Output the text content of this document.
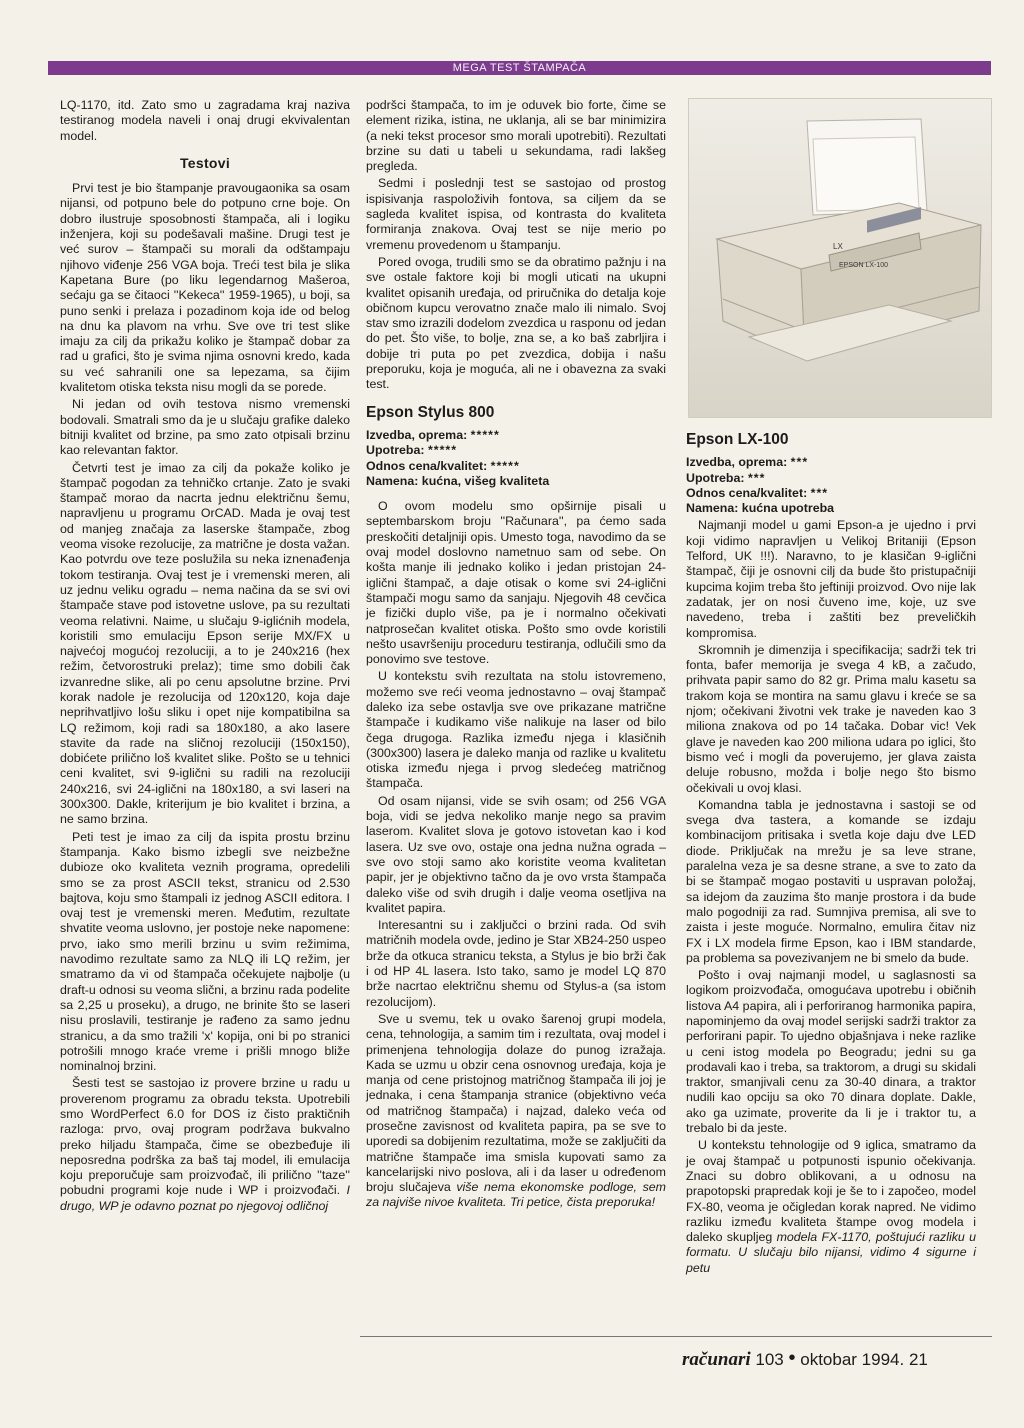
MEGA TEST ŠTAMPAČA

LQ-1170, itd. Zato smo u zagradama kraj naziva testiranog modela naveli i onaj drugi ekvivalentan model.

Testovi

Prvi test je bio štampanje pravougaonika sa osam nijansi, od potpuno bele do potpuno crne boje. On dobro ilustruje sposobnosti štampača, ali i logiku inženjera, koji su podešavali mašine. Drugi test je već surov – štampači su morali da odštampaju njihovo viđenje 256 VGA boja. Treći test bila je slika Kapetana Bure (po liku legendarnog Mašeroa, sećaju ga se čitaoci ''Kekeca'' 1959-1965), u boji, sa puno senki i prelaza i pozadinom koja ide od belog na dnu ka plavom na vrhu. Sve ove tri test slike imaju za cilj da prikažu koliko je štampač dobar za rad u grafici, što je svima njima osnovni kredo, kada su već sahranili one sa lepezama, sa čijim kvalitetom otiska teksta nisu mogli da se porede.

Ni jedan od ovih testova nismo vremenski bodovali. Smatrali smo da je u slučaju grafike daleko bitniji kvalitet od brzine, pa smo zato otpisali brzinu kao relevantan faktor.

Četvrti test je imao za cilj da pokaže koliko je štampač pogodan za tehničko crtanje. Zato je svaki štampač morao da nacrta jednu električnu šemu, napravljenu u programu OrCAD. Mada je ovaj test od manjeg značaja za laserske štampače, zbog veoma visoke rezolucije, za matrične je dosta važan. Kao potvrdu ove teze poslužila su neka iznenađenja tokom testiranja. Ovaj test je i vremenski meren, ali uz jednu veliku ogradu – nema načina da se svi ovi štampače stave pod istovetne uslove, pa su rezultati veoma relativni. Naime, u slučaju 9-iglićnih modela, koristili smo emulaciju Epson serije MX/FX u najvećoj mogućoj rezoluciji, a to je 240x216 (hex režim, četvorostruki prelaz); time smo dobili čak izvanredne slike, ali po cenu apsolutne brzine. Prvi korak nadole je rezolucija od 120x120, koja daje neprihvatljivo lošu sliku i opet nije kompatibilna sa LQ režimom, koji radi sa 180x180, a ako lasere stavite da rade na sličnoj rezoluciji (150x150), dobićete prilično loš kvalitet slike. Pošto se u tehnici ceni kvalitet, svi 9-iglični su radili na rezoluciji 240x216, svi 24-iglični na 180x180, a svi laseri na 300x300. Dakle, kriterijum je bio kvalitet i brzina, a ne samo brzina.

Peti test je imao za cilj da ispita prostu brzinu štampanja. Kako bismo izbegli sve neizbežne dubioze oko kvaliteta veznih programa, opredelili smo se za prost ASCII tekst, stranicu od 2.530 bajtova, koju smo štampali iz jednog ASCII editora. I ovaj test je vremenski meren. Međutim, rezultate shvatite veoma uslovno, jer postoje neke napomene: prvo, iako smo merili brzinu u svim režimima, navodimo rezultate samo za NLQ ili LQ režim, jer smatramo da vi od štampača očekujete najbolje (u draft-u odnosi su veoma slični, a brzinu rada podelite sa 2,25 u proseku), a drugo, ne brinite što se laseri nisu proslavili, testiranje je rađeno za samo jednu stranicu, a da smo tražili 'x' kopija, oni bi po stranici potrošili mnogo kraće vreme i prišli mnogo bliže nominalnoj brzini.

Šesti test se sastojao iz provere brzine u radu u proverenom programu za obradu teksta. Upotrebili smo WordPerfect 6.0 for DOS iz čisto praktičnih razloga: prvo, ovaj program podržava bukvalno preko hiljadu štampača, čime se obezbeđuje ili neposredna podrška za baš taj model, ili emulacija koju preporučuje sam proizvođač, ili prilično ''taze'' pobudni programi koje nude i WP i proizvođači. I drugo, WP je odavno poznat po njegovoj odličnoj

podršci štampača, to im je oduvek bio forte, čime se element rizika, istina, ne uklanja, ali se bar minimizira (a neki tekst procesor smo morali upotrebiti). Rezultati brzine su dati u tabeli u sekundama, radi lakšeg pregleda.

Sedmi i poslednji test se sastojao od prostog ispisivanja raspoloživih fontova, sa ciljem da se sagleda kvalitet ispisa, od kontrasta do kvaliteta formiranja znakova. Ovaj test se nije merio po vremenu provedenom u štampanju.

Pored ovoga, trudili smo se da obratimo pažnju i na sve ostale faktore koji bi mogli uticati na ukupni kvalitet opisanih uređaja, od priručnika do detalja koje običnom kupcu verovatno znače malo ili nimalo. Svoj stav smo izrazili dodelom zvezdica u rasponu od jedan do pet. Što više, to bolje, zna se, a ko baš zabrljira i dobije tri puta po pet zvezdica, dobija i našu preporuku, koja je moguća, ali ne i obavezna za svaki test.

Epson Stylus 800
Izvedba, oprema: *****
Upotreba: *****
Odnos cena/kvalitet: *****
Namena: kućna, višeg kvaliteta

O ovom modelu smo opširnije pisali u septembarskom broju ''Računara'', pa ćemo sada preskočiti detaljniji opis. Umesto toga, navodimo da se ovaj model doslovno nametnuo sam od sebe. On košta manje ili jednako koliko i jedan pristojan 24-iglični štampač, a daje otisak o kome svi 24-iglični štampači mogu samo da sanjaju. Njegovih 48 cevčica je fizički duplo više, pa je i normalno očekivati natprosečan kvalitet otiska. Pošto smo ovde koristili nešto usavršeniju proceduru testiranja, odlučili smo da ponovimo sve testove.

U kontekstu svih rezultata na stolu istovremeno, možemo sve reći veoma jednostavno – ovaj štampač daleko iza sebe ostavlja sve ove prikazane matrične štampače i kudikamo više nalikuje na laser od bilo čega drugoga. Razlika između njega i klasičnih (300x300) lasera je daleko manja od razlike u kvalitetu otiska između njega i prvog sledećeg matričnog štampača.

Od osam nijansi, vide se svih osam; od 256 VGA boja, vidi se jedva nekoliko manje nego sa pravim laserom. Kvalitet slova je gotovo istovetan kao i kod lasera. Uz sve ovo, ostaje ona jedna nužna ograda – sve ovo stoji samo ako koristite veoma kvalitetan papir, jer je objektivno tačno da je ovo vrsta štampača daleko više od svih drugih i dalje veoma osetljiva na kvalitet papira.

Interesantni su i zaključci o brzini rada. Od svih matričnih modela ovde, jedino je Star XB24-250 uspeo brže da otkuca stranicu teksta, a Stylus je bio brži čak i od HP 4L lasera. Isto tako, samo je model LQ 870 brže nacrtao električnu shemu od Stylus-a (sa istom rezolucijom).

Sve u svemu, tek u ovako šarenoj grupi modela, cena, tehnologija, a samim tim i rezultata, ovaj model i primenjena tehnologija dolaze do punog izražaja. Kada se uzmu u obzir cena osnovnog uređaja, koja je manja od cene pristojnog matričnog štampača ili joj je jednaka, i cena štampanja stranice (objektivno veća od matričnog štampača) i najzad, daleko veća od prosečne zavisnost od kvaliteta papira, pa se sve to uporedi sa dobijenim rezultatima, može se zaključiti da matrične štampače ima smisla kupovati samo za kancelarijski nivo poslova, ali i da laser u određenom broju slučajeva više nema ekonomske podloge, sem za najviše nivoe kvaliteta. Tri petice, čista preporuka!

EPSON LX-100
LX
Epson LX-100
Izvedba, oprema: ***
Upotreba: ***
Odnos cena/kvalitet: ***
Namena: kućna upotreba

Najmanji model u gami Epson-a je ujedno i prvi koji vidimo napravljen u Velikoj Britaniji (Epson Telford, UK !!!). Naravno, to je klasičan 9-iglični štampač, čiji je osnovni cilj da bude što pristupačniji kupcima kojim treba što jeftiniji proizvod. Ovo nije lak zadatak, jer on nosi čuveno ime, koje, uz sve navedeno, treba i zaštiti bez preveličkih kompromisa.

Skromnih je dimenzija i specifikacija; sadrži tek tri fonta, bafer memorija je svega 4 kB, a začudo, prihvata papir samo do 82 gr. Prima malu kasetu sa trakom koja se montira na samu glavu i kreće se sa njom; očekivani životni vek trake je naveden kao 3 miliona znakova od po 14 tačaka. Dobar vic! Vek glave je naveden kao 200 miliona udara po iglici, što bismo već i mogli da poverujemo, jer glava zaista deluje robusno, možda i bolje nego što bismo očekivali u ovoj klasi.

Komandna tabla je jednostavna i sastoji se od svega dva tastera, a komande se izdaju kombinacijom pritisaka i svetla koje daju dve LED diode. Priključak na mrežu je sa leve strane, paralelna veza je sa desne strane, a sve to zato da bi se štampač mogao postaviti u uspravan položaj, sa idejom da zauzima što manje prostora i da bude malo pogodniji za rad. Sumnjiva premisa, ali sve to zaista i jeste moguće. Normalno, emulira čitav niz FX i LX modela firme Epson, kao i IBM standarde, pa problema sa povezivanjem ne bi smelo da bude.

Pošto i ovaj najmanji model, u saglasnosti sa logikom proizvođača, omogućava upotrebu i običnih listova A4 papira, ali i perforiranog harmonika papira, napominjemo da ovaj model serijski sadrži traktor za perforirani papir. To ujedno objašnjava i neke razlike u ceni istog modela po Beogradu; jedni su ga prodavali kao i treba, sa traktorom, a drugi su skidali traktor, smanjivali cenu za 30-40 dinara, a traktor nudili kao opciju sa oko 70 dinara doplate. Dakle, ako ga uzimate, proverite da li je i traktor tu, a trebalo bi da jeste.

U kontekstu tehnologije od 9 iglica, smatramo da je ovaj štampač u potpunosti ispunio očekivanja. Znaci su dobro oblikovani, a u odnosu na prapotopski prapredak koji je še to i započeo, model FX-80, veoma je očigledan korak napred. Ne vidimo razliku između kvaliteta štampe ovog modela i daleko skupljeg modela FX-1170, poštujući razliku u formatu. U slučaju bilo nijansi, vidimo 4 sigurne i petu

računari 103 • oktobar 1994. 21
